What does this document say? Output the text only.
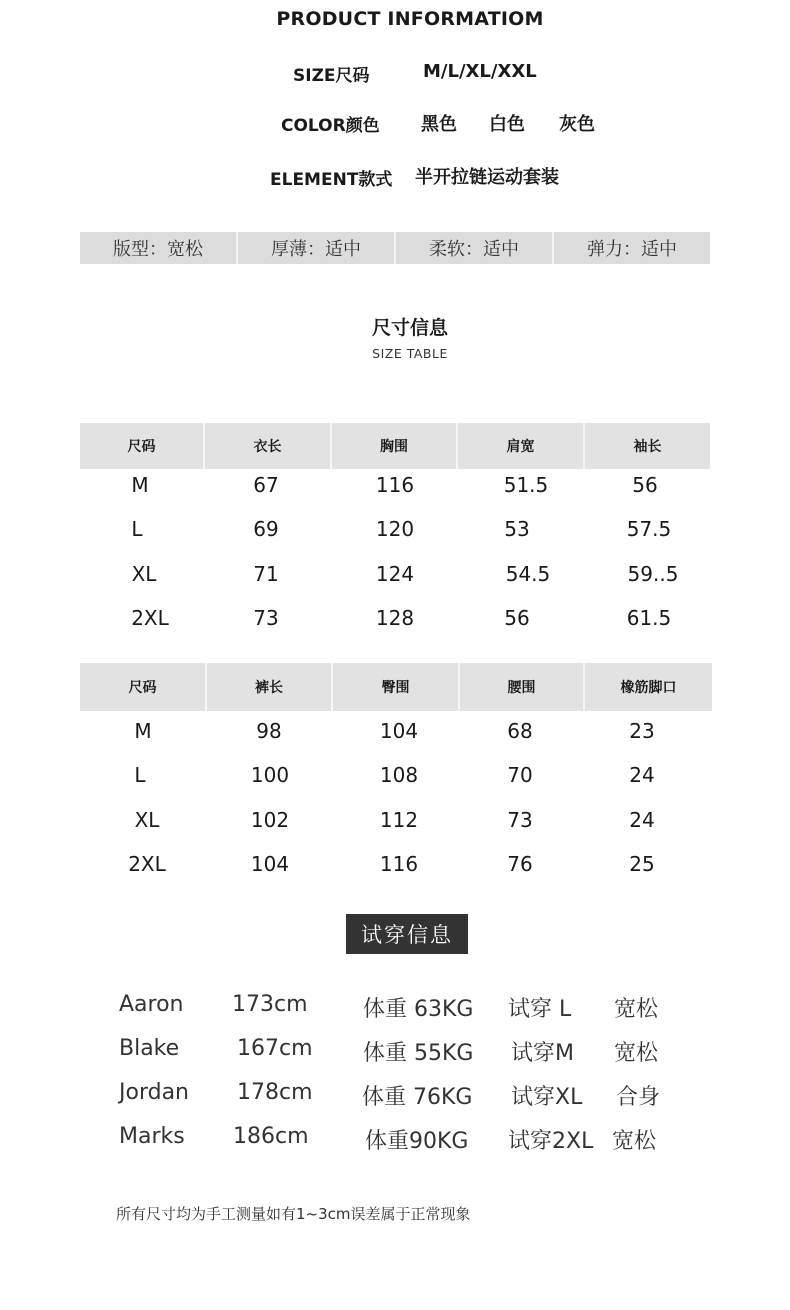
PRODUCT INFORMATIOM
SIZE尺码	M/L/XL/XXL
COLOR颜色 黑色 白色 灰色
ELEMENT款式 半开拉链运动套装
版型：宽松	厚薄：适中	柔软：适中	弹力：适中
尺寸信息
SIZE TABLE
尺码	衣长	胸围	肩宽	袖长
M	67	116	51.5	56
L	69	120	53	57.5
XL	71	124	54.5	59..5
2XL	73	128	56	61.5
尺码	裤长	臀围	腰围	橡筋脚口
M	98	104	68	23
L	100	108	70	24
XL	102	112	73	24
2XL	104	116	76	25
试穿信息
Aaron 173cm	体重 63KG 试穿 L 宽松
Blake	167cm 体重 55KG 试穿M 宽松
Jordan 178cm 体重 76KG 试穿XL 合身
Marks 186cm	体重90KG 试穿2XL 宽松
所有尺寸均为手工测量如有1~3cm误差属于正常现象
